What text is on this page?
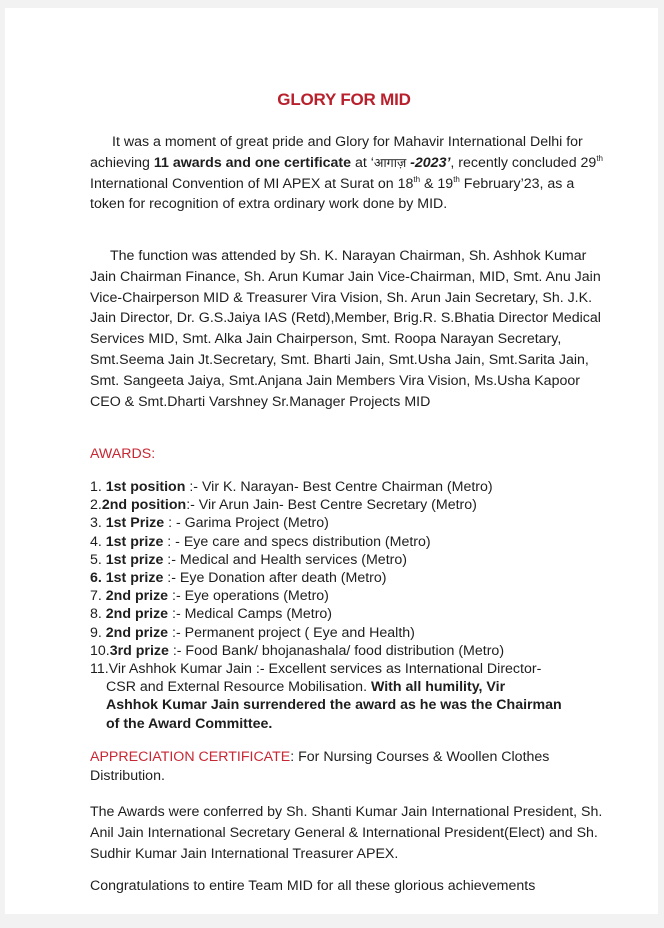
GLORY FOR MID

It was a moment of great pride and Glory for Mahavir International Delhi for achieving 11 awards and one certificate at ‘आगाज़ -2023’, recently concluded 29th International Convention of MI APEX at Surat on 18th & 19th February’23, as a token for recognition of extra ordinary work done by MID.

The function was attended by Sh. K. Narayan Chairman, Sh. Ashhok Kumar Jain Chairman Finance, Sh. Arun Kumar Jain Vice-Chairman, MID, Smt. Anu Jain Vice-Chairperson MID & Treasurer Vira Vision, Sh. Arun Jain Secretary, Sh. J.K. Jain Director, Dr. G.S.Jaiya IAS (Retd),Member, Brig.R. S.Bhatia Director Medical Services MID, Smt. Alka Jain Chairperson, Smt. Roopa Narayan Secretary, Smt.Seema Jain Jt.Secretary, Smt. Bharti Jain, Smt.Usha Jain, Smt.Sarita Jain, Smt. Sangeeta Jaiya, Smt.Anjana Jain Members Vira Vision, Ms.Usha Kapoor CEO & Smt.Dharti Varshney Sr.Manager Projects MID

AWARDS:
1. 1st position :- Vir K. Narayan- Best Centre Chairman (Metro)
2.2nd position:- Vir Arun Jain- Best Centre Secretary (Metro)
3. 1st Prize : - Garima Project (Metro)
4. 1st prize : - Eye care and specs distribution (Metro)
5. 1st prize :- Medical and Health services (Metro)
6. 1st prize :- Eye Donation after death (Metro)
7. 2nd prize :- Eye operations (Metro)
8. 2nd prize :- Medical Camps (Metro)
9. 2nd prize :- Permanent project ( Eye and Health)
10.3rd prize :- Food Bank/ bhojanashala/ food distribution (Metro)
11.Vir Ashhok Kumar Jain :- Excellent services as International Director-
CSR and External Resource Mobilisation. With all humility, Vir
Ashhok Kumar Jain surrendered the award as he was the Chairman
of the Award Committee.

APPRECIATION CERTIFICATE: For Nursing Courses & Woollen Clothes Distribution.

The Awards were conferred by Sh. Shanti Kumar Jain International President, Sh. Anil Jain International Secretary General & International President(Elect) and Sh. Sudhir Kumar Jain International Treasurer APEX.

Congratulations to entire Team MID for all these glorious achievements
